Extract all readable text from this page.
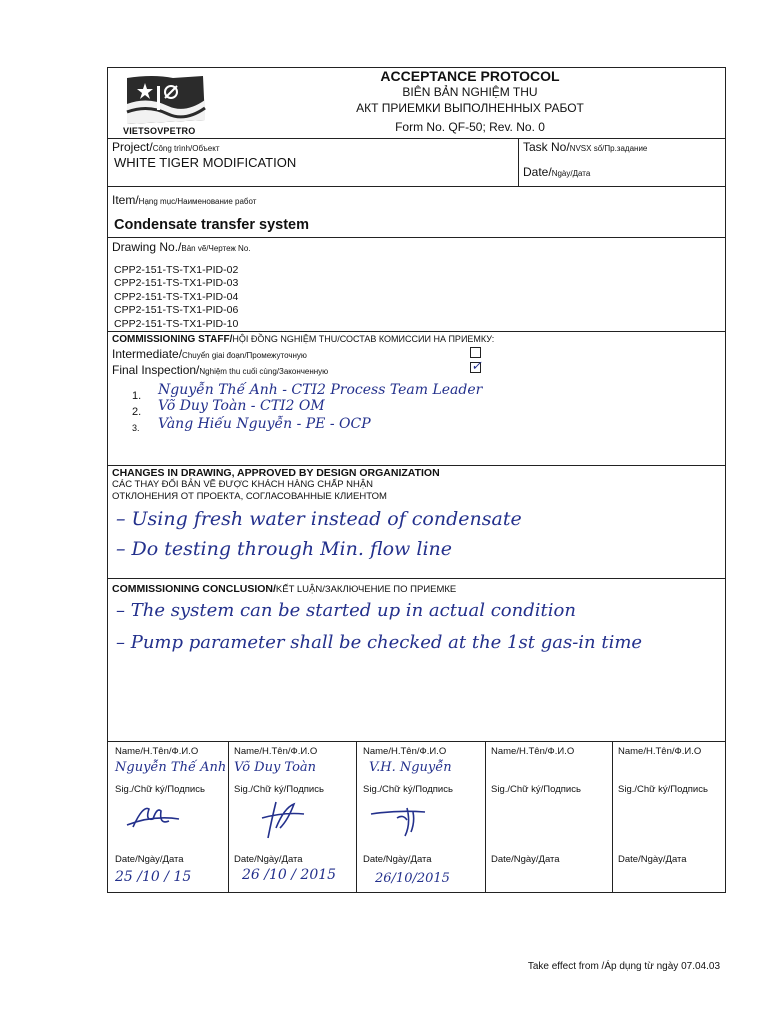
VIETSOVPETRO
ACCEPTANCE PROTOCOL
BIÊN BẢN NGHIỆM THU
АКТ ПРИЕМКИ ВЫПОЛНЕННЫХ РАБОТ
Form No. QF-50; Rev. No. 0
Project/Công trình/Объект
WHITE TIGER MODIFICATION
Task No/NVSX số/Пр.задание
Date/Ngày/Дата
Item/Hạng mục/Наименование работ
Condensate transfer system
Drawing No./Bản vẽ/Чертеж No.
CPP2-151-TS-TX1-PID-02
CPP2-151-TS-TX1-PID-03
CPP2-151-TS-TX1-PID-04
CPP2-151-TS-TX1-PID-06
CPP2-151-TS-TX1-PID-10
COMMISSIONING STAFF/HỘI ĐỒNG NGHIỆM THU/СОСТАВ КОМИССИИ НА ПРИЕМКУ:
Intermediate/Chuyển giai đoạn/Промежуточную
Final Inspection/Nghiệm thu cuối cùng/Законченную	✓
1. Nguyễn Thế Anh - CTI2 Process Team Leader
2. Võ Duy Toàn - CTI2 OM
3. Vàng Hiếu Nguyễn - PE - OCP
CHANGES IN DRAWING, APPROVED BY DESIGN ORGANIZATION
CÁC THAY ĐỔI BẢN VẼ ĐƯỢC KHÁCH HÀNG CHẤP NHẬN
ОТКЛОНЕНИЯ ОТ ПРОЕКТА, СОГЛАСОВАННЫЕ КЛИЕНТОМ
– Using fresh water instead of condensate
– Do testing through Min. flow line
COMMISSIONING CONCLUSION/KẾT LUẬN/ЗАКЛЮЧЕНИЕ ПО ПРИЕМКЕ
– The system can be started up in actual condition
– Pump parameter shall be checked at the 1st gas-in time
Name/H.Tên/Ф.И.О
Nguyễn Thế Anh
Sig./Chữ ký/Подпись
Date/Ngày/Дата
25 /10 / 15
Name/H.Tên/Ф.И.О
Võ Duy Toàn
Sig./Chữ ký/Подпись
Date/Ngày/Дата
26 /10 / 2015
Name/H.Tên/Ф.И.О
V.H. Nguyễn
Sig./Chữ ký/Подпись
Date/Ngày/Дата
26/10/2015
Name/H.Tên/Ф.И.О
Sig./Chữ ký/Подпись
Date/Ngày/Дата
Name/H.Tên/Ф.И.О
Sig./Chữ ký/Подпись
Date/Ngày/Дата
Take effect from /Áp dụng từ ngày 07.04.03
